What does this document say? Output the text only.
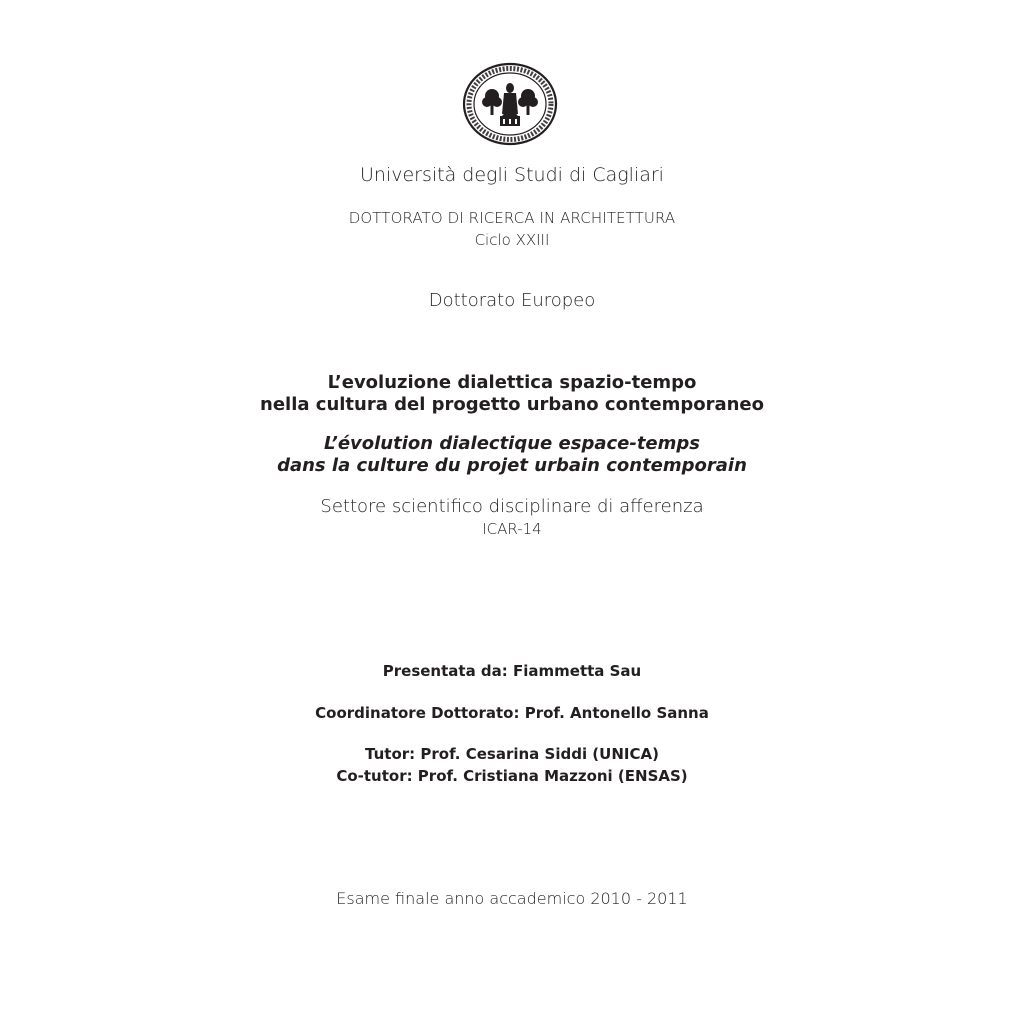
Università degli Studi di Cagliari
DOTTORATO DI RICERCA IN ARCHITETTURA
Ciclo XXIII
Dottorato Europeo
L’evoluzione dialettica spazio-tempo
nella cultura del progetto urbano contemporaneo
L’évolution dialectique espace-temps
dans la culture du projet urbain contemporain
Settore scientifico disciplinare di afferenza
ICAR-14
Presentata da: Fiammetta Sau
Coordinatore Dottorato: Prof. Antonello Sanna
Tutor: Prof. Cesarina Siddi (UNICA)
Co-tutor: Prof. Cristiana Mazzoni (ENSAS)
Esame finale anno accademico 2010 - 2011
